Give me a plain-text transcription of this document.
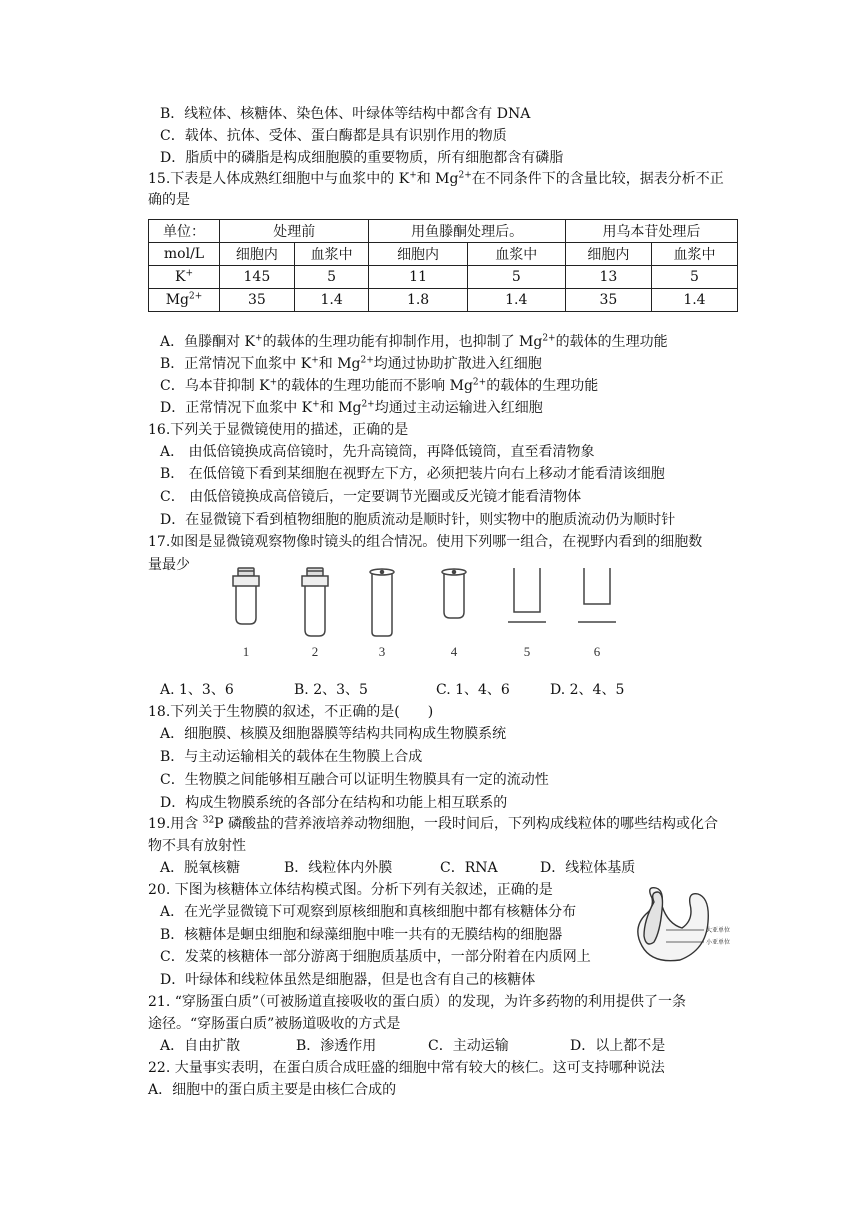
B．线粒体、核糖体、染色体、叶绿体等结构中都含有 DNA
C．载体、抗体、受体、蛋白酶都是具有识别作用的物质
D．脂质中的磷脂是构成细胞膜的重要物质，所有细胞都含有磷脂
15.下表是人体成熟红细胞中与血浆中的 K+和 $Mg^{2+}$在不同条件下的含量比较，据表分析不正
确的是
单位：	处理前		用鱼滕酮处理后。		用乌本苷处理后	
mol/L	细胞内	血浆中	细胞内	血浆中	细胞内	血浆中
K+	145	5	11	5	13	5
$Mg^{2+}$	35	1.4	1.8	1.4	35	1.4
A．鱼滕酮对 K+的载体的生理功能有抑制作用，也抑制了 $Mg^{2+}$的载体的生理功能
B．正常情况下血浆中 K+和 $Mg^{2+}$均通过协助扩散进入红细胞
C．乌本苷抑制 K+的载体的生理功能而不影响 $Mg^{2+}$的载体的生理功能
D．正常情况下血浆中 K+和 $Mg^{2+}$均通过主动运输进入红细胞
16.下列关于显微镜使用的描述，正确的是
A． 由低倍镜换成高倍镜时，先升高镜筒，再降低镜筒，直至看清物象
B． 在低倍镜下看到某细胞在视野左下方，必须把装片向右上移动才能看清该细胞
C． 由低倍镜换成高倍镜后，一定要调节光圈或反光镜才能看清物体
D．在显微镜下看到植物细胞的胞质流动是顺时针，则实物中的胞质流动仍为顺时针
17.如图是显微镜观察物像时镜头的组合情况。使用下列哪一组合，在视野内看到的细胞数
量最少
1	2	3	4	5	6
A. 1、3、6	B. 2、3、5	C. 1、4、6	D. 2、4、5
18.下列关于生物膜的叙述，不正确的是(　　)
A．细胞膜、核膜及细胞器膜等结构共同构成生物膜系统
B．与主动运输相关的载体在生物膜上合成
C．生物膜之间能够相互融合可以证明生物膜具有一定的流动性
D．构成生物膜系统的各部分在结构和功能上相互联系的
19.用含 $^{32}$P 磷酸盐的营养液培养动物细胞，一段时间后，下列构成线粒体的哪些结构或化合
物不具有放射性
A．脱氧核糖	B．线粒体内外膜	C．RNA	D．线粒体基质
20. 下图为核糖体立体结构模式图。分析下列有关叙述，正确的是
A．在光学显微镜下可观察到原核细胞和真核细胞中都有核糖体分布
B．核糖体是蛔虫细胞和绿藻细胞中唯一共有的无膜结构的细胞器
C．发菜的核糖体一部分游离于细胞质基质中，一部分附着在内质网上
D．叶绿体和线粒体虽然是细胞器，但是也含有自己的核糖体
大亚单位
小亚单位
21. “穿肠蛋白质”（可被肠道直接吸收的蛋白质）的发现，为许多药物的利用提供了一条
途径。“穿肠蛋白质”被肠道吸收的方式是
A．自由扩散	B．渗透作用	C．主动运输	D．以上都不是
22. 大量事实表明，在蛋白质合成旺盛的细胞中常有较大的核仁。这可支持哪种说法
A．细胞中的蛋白质主要是由核仁合成的
